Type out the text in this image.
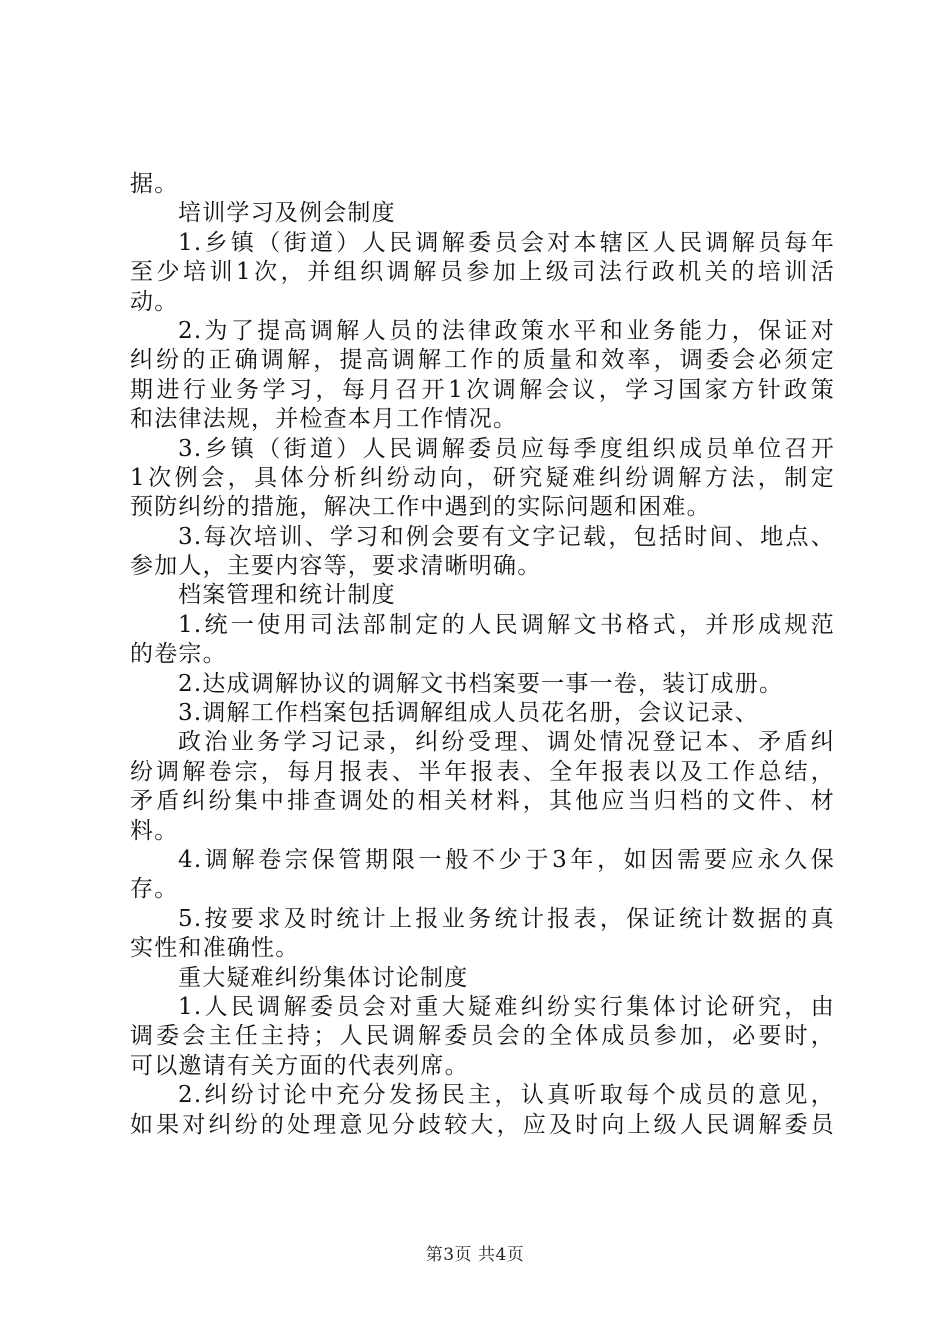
据。
培训学习及例会制度
1.乡镇（街道）人民调解委员会对本辖区人民调解员每年
至少培训1次，并组织调解员参加上级司法行政机关的培训活
动。
2.为了提高调解人员的法律政策水平和业务能力，保证对
纠纷的正确调解，提高调解工作的质量和效率，调委会必须定
期进行业务学习，每月召开1次调解会议，学习国家方针政策
和法律法规，并检查本月工作情况。
3.乡镇（街道）人民调解委员应每季度组织成员单位召开
1次例会，具体分析纠纷动向，研究疑难纠纷调解方法，制定
预防纠纷的措施，解决工作中遇到的实际问题和困难。
3.每次培训、学习和例会要有文字记载，包括时间、地点、
参加人，主要内容等，要求清晰明确。
档案管理和统计制度
1.统一使用司法部制定的人民调解文书格式，并形成规范
的卷宗。
2.达成调解协议的调解文书档案要一事一卷，装订成册。
3.调解工作档案包括调解组成人员花名册，会议记录、
政治业务学习记录，纠纷受理、调处情况登记本、矛盾纠
纷调解卷宗，每月报表、半年报表、全年报表以及工作总结，
矛盾纠纷集中排查调处的相关材料，其他应当归档的文件、材
料。
4.调解卷宗保管期限一般不少于3年，如因需要应永久保
存。
5.按要求及时统计上报业务统计报表，保证统计数据的真
实性和准确性。
重大疑难纠纷集体讨论制度
1.人民调解委员会对重大疑难纠纷实行集体讨论研究，由
调委会主任主持；人民调解委员会的全体成员参加，必要时，
可以邀请有关方面的代表列席。
2.纠纷讨论中充分发扬民主，认真听取每个成员的意见，
如果对纠纷的处理意见分歧较大，应及时向上级人民调解委员
第3页 共4页
